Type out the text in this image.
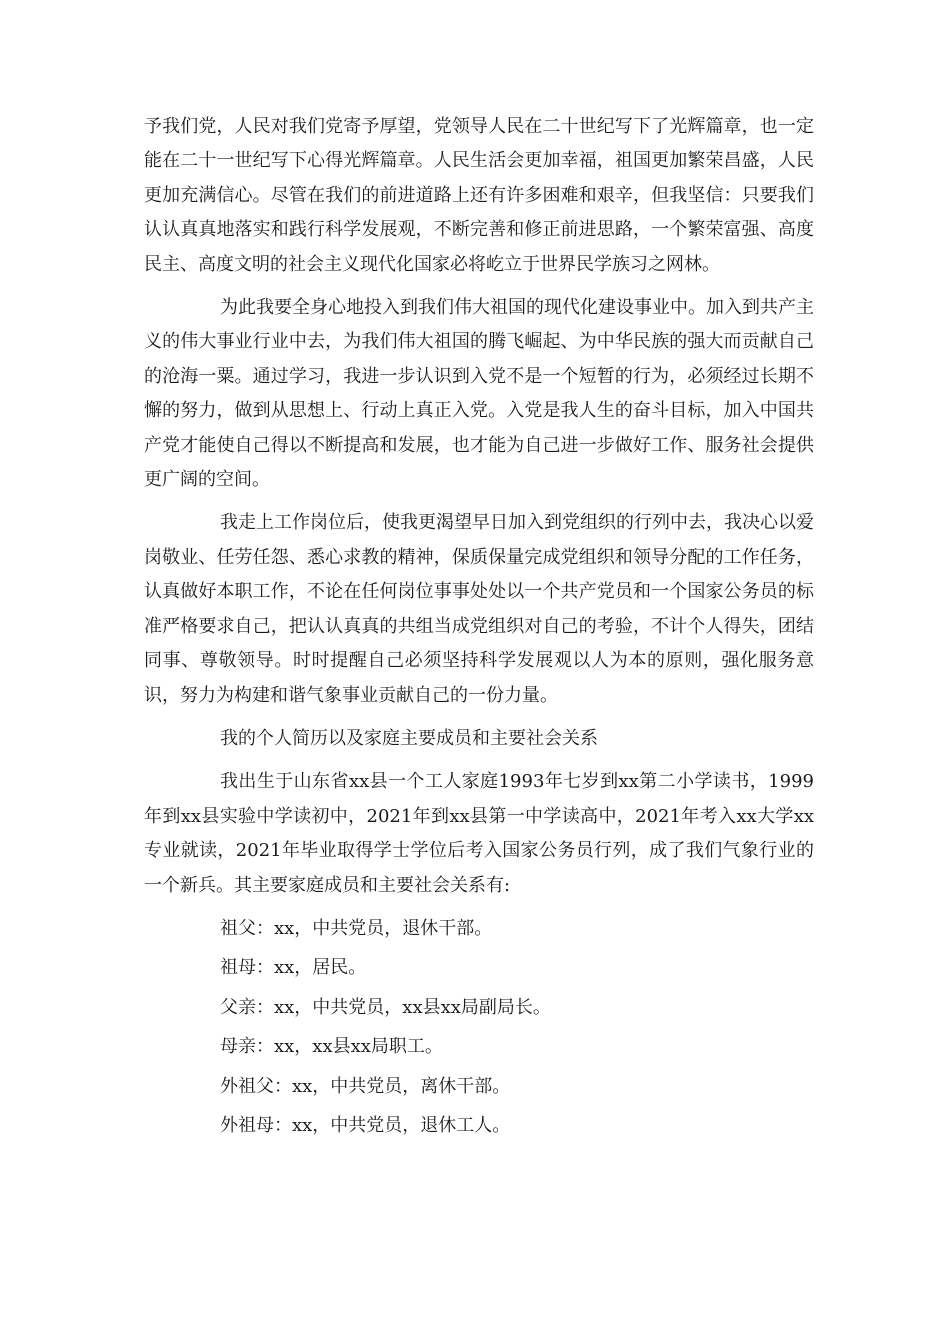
予我们党，人民对我们党寄予厚望，党领导人民在二十世纪写下了光辉篇章，也一定能在二十一世纪写下心得光辉篇章。人民生活会更加幸福，祖国更加繁荣昌盛，人民更加充满信心。尽管在我们的前进道路上还有许多困难和艰辛，但我坚信：只要我们认认真真地落实和践行科学发展观，不断完善和修正前进思路，一个繁荣富强、高度民主、高度文明的社会主义现代化国家必将屹立于世界民学族习之网林。

为此我要全身心地投入到我们伟大祖国的现代化建设事业中。加入到共产主义的伟大事业行业中去，为我们伟大祖国的腾飞崛起、为中华民族的强大而贡献自己的沧海一粟。通过学习，我进一步认识到入党不是一个短暂的行为，必须经过长期不懈的努力，做到从思想上、行动上真正入党。入党是我人生的奋斗目标，加入中国共产党才能使自己得以不断提高和发展，也才能为自己进一步做好工作、服务社会提供更广阔的空间。

我走上工作岗位后，使我更渴望早日加入到党组织的行列中去，我决心以爱岗敬业、任劳任怨、悉心求教的精神，保质保量完成党组织和领导分配的工作任务，认真做好本职工作，不论在任何岗位事事处处以一个共产党员和一个国家公务员的标准严格要求自己，把认认真真的共组当成党组织对自己的考验，不计个人得失，团结同事、尊敬领导。时时提醒自己必须坚持科学发展观以人为本的原则，强化服务意识，努力为构建和谐气象事业贡献自己的一份力量。

我的个人简历以及家庭主要成员和主要社会关系

我出生于山东省xx县一个工人家庭1993年七岁到xx第二小学读书，1999年到xx县实验中学读初中，2021年到xx县第一中学读高中，2021年考入xx大学xx专业就读，2021年毕业取得学士学位后考入国家公务员行列，成了我们气象行业的一个新兵。其主要家庭成员和主要社会关系有:

祖父：xx，中共党员，退休干部。

祖母：xx，居民。

父亲：xx，中共党员，xx县xx局副局长。

母亲：xx，xx县xx局职工。

外祖父：xx，中共党员，离休干部。

外祖母：xx，中共党员，退休工人。
